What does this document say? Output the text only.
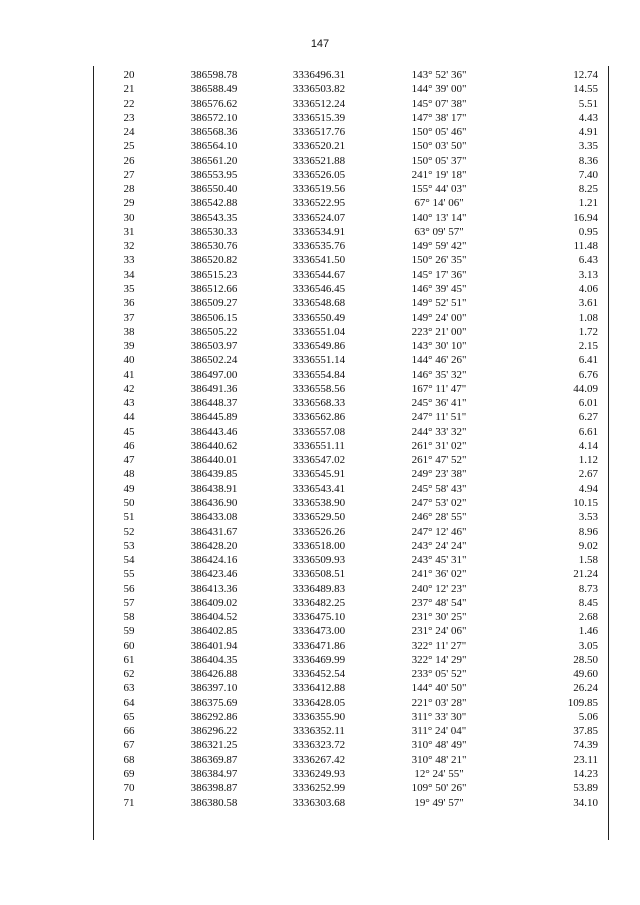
147
20	386598.78	3336496.31	143° 52' 36"	12.74
21	386588.49	3336503.82	144° 39' 00"	14.55
22	386576.62	3336512.24	145° 07' 38"	5.51
23	386572.10	3336515.39	147° 38' 17"	4.43
24	386568.36	3336517.76	150° 05' 46"	4.91
25	386564.10	3336520.21	150° 03' 50"	3.35
26	386561.20	3336521.88	150° 05' 37"	8.36
27	386553.95	3336526.05	241° 19' 18"	7.40
28	386550.40	3336519.56	155° 44' 03"	8.25
29	386542.88	3336522.95	67° 14' 06"	1.21
30	386543.35	3336524.07	140° 13' 14"	16.94
31	386530.33	3336534.91	63° 09' 57"	0.95
32	386530.76	3336535.76	149° 59' 42"	11.48
33	386520.82	3336541.50	150° 26' 35"	6.43
34	386515.23	3336544.67	145° 17' 36"	3.13
35	386512.66	3336546.45	146° 39' 45"	4.06
36	386509.27	3336548.68	149° 52' 51"	3.61
37	386506.15	3336550.49	149° 24' 00"	1.08
38	386505.22	3336551.04	223° 21' 00"	1.72
39	386503.97	3336549.86	143° 30' 10"	2.15
40	386502.24	3336551.14	144° 46' 26"	6.41
41	386497.00	3336554.84	146° 35' 32"	6.76
42	386491.36	3336558.56	167° 11' 47"	44.09
43	386448.37	3336568.33	245° 36' 41"	6.01
44	386445.89	3336562.86	247° 11' 51"	6.27
45	386443.46	3336557.08	244° 33' 32"	6.61
46	386440.62	3336551.11	261° 31' 02"	4.14
47	386440.01	3336547.02	261° 47' 52"	1.12
48	386439.85	3336545.91	249° 23' 38"	2.67
49	386438.91	3336543.41	245° 58' 43"	4.94
50	386436.90	3336538.90	247° 53' 02"	10.15
51	386433.08	3336529.50	246° 28' 55"	3.53
52	386431.67	3336526.26	247° 12' 46"	8.96
53	386428.20	3336518.00	243° 24' 24"	9.02
54	386424.16	3336509.93	243° 45' 31"	1.58
55	386423.46	3336508.51	241° 36' 02"	21.24
56	386413.36	3336489.83	240° 12' 23"	8.73
57	386409.02	3336482.25	237° 48' 54"	8.45
58	386404.52	3336475.10	231° 30' 25"	2.68
59	386402.85	3336473.00	231° 24' 06"	1.46
60	386401.94	3336471.86	322° 11' 27"	3.05
61	386404.35	3336469.99	322° 14' 29"	28.50
62	386426.88	3336452.54	233° 05' 52"	49.60
63	386397.10	3336412.88	144° 40' 50"	26.24
64	386375.69	3336428.05	221° 03' 28"	109.85
65	386292.86	3336355.90	311° 33' 30"	5.06
66	386296.22	3336352.11	311° 24' 04"	37.85
67	386321.25	3336323.72	310° 48' 49"	74.39
68	386369.87	3336267.42	310° 48' 21"	23.11
69	386384.97	3336249.93	12° 24' 55"	14.23
70	386398.87	3336252.99	109° 50' 26"	53.89
71	386380.58	3336303.68	19° 49' 57"	34.10
